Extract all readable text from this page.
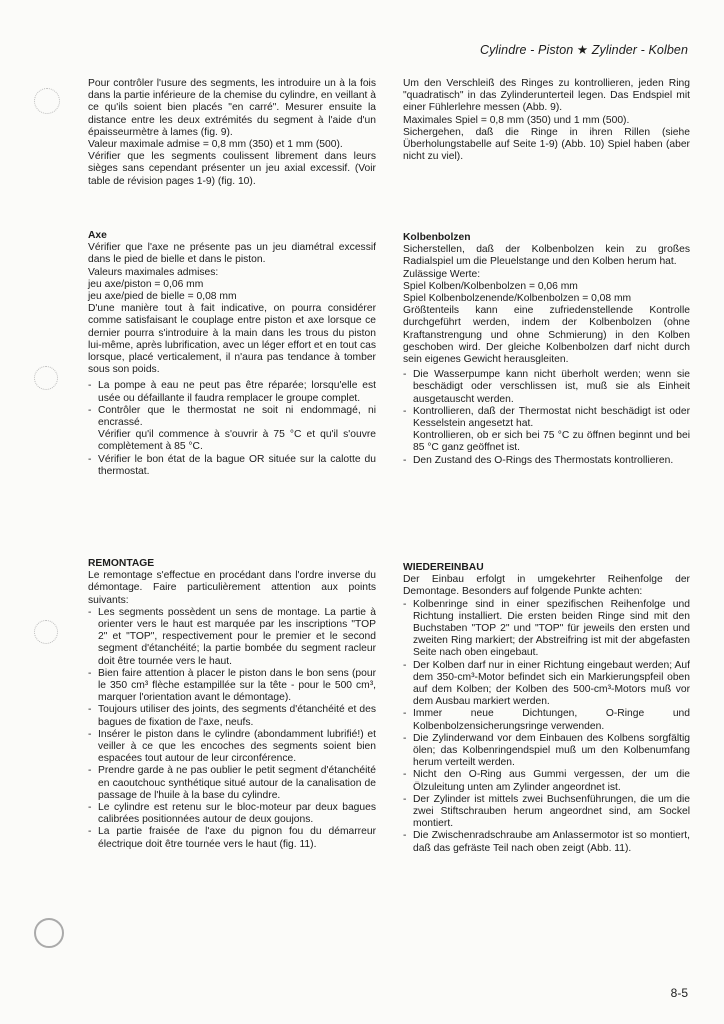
Cylindre - Piston ★ Zylinder - Kolben

Pour contrôler l'usure des segments, les introduire un à la fois dans la partie inférieure de la chemise du cylindre, en veillant à ce qu'ils soient bien placés "en carré". Mesurer ensuite la distance entre les deux extrémités du segment à l'aide d'un épaisseurmètre à lames (fig. 9).
Valeur maximale admise = 0,8 mm (350) et 1 mm (500).
Vérifier que les segments coulissent librement dans leurs sièges sans cependant présenter un jeu axial excessif. (Voir table de révision pages 1-9) (fig. 10).

Axe

Vérifier que l'axe ne présente pas un jeu diamétral excessif dans le pied de bielle et dans le piston.
Valeurs maximales admises:
jeu axe/piston = 0,06 mm
jeu axe/pied de bielle = 0,08 mm

D'une manière tout à fait indicative, on pourra considérer comme satisfaisant le couplage entre piston et axe lorsque ce dernier pourra s'introduire à la main dans les trous du piston lui-même, après lubrification, avec un léger effort et en tout cas lorsque, placé verticalement, il n'aura pas tendance à tomber sous son poids.

- La pompe à eau ne peut pas être réparée; lorsqu'elle est usée ou défaillante il faudra remplacer le groupe complet.
- Contrôler que le thermostat ne soit ni endommagé, ni encrassé.
Vérifier qu'il commence à s'ouvrir à 75 °C et qu'il s'ouvre complètement à 85 °C.
- Vérifier le bon état de la bague OR située sur la calotte du thermostat.

REMONTAGE

Le remontage s'effectue en procédant dans l'ordre inverse du démontage. Faire particulièrement attention aux points suivants:

- Les segments possèdent un sens de montage. La partie à orienter vers le haut est marquée par les inscriptions "TOP 2" et "TOP", respectivement pour le premier et le second segment d'étanchéité; la partie bombée du segment racleur doit être tournée vers le haut.
- Bien faire attention à placer le piston dans le bon sens (pour le 350 cm³ flèche estampillée sur la tête - pour le 500 cm³, marquer l'orientation avant le démontage).
- Toujours utiliser des joints, des segments d'étanchéité et des bagues de fixation de l'axe, neufs.
- Insérer le piston dans le cylindre (abondamment lubrifié!) et veiller à ce que les encoches des segments soient bien espacées tout autour de leur circonférence.
- Prendre garde à ne pas oublier le petit segment d'étanchéité en caoutchouc synthétique situé autour de la canalisation de passage de l'huile à la base du cylindre.
- Le cylindre est retenu sur le bloc-moteur par deux bagues calibrées positionnées autour de deux goujons.
- La partie fraisée de l'axe du pignon fou du démarreur électrique doit être tournée vers le haut (fig. 11).

Um den Verschleiß des Ringes zu kontrollieren, jeden Ring "quadratisch" in das Zylinderunterteil legen. Das Endspiel mit einer Fühlerlehre messen (Abb. 9).
Maximales Spiel = 0,8 mm (350) und 1 mm (500).
Sichergehen, daß die Ringe in ihren Rillen (siehe Überholungstabelle auf Seite 1-9) (Abb. 10) Spiel haben (aber nicht zu viel).

Kolbenbolzen

Sicherstellen, daß der Kolbenbolzen kein zu großes Radialspiel um die Pleuelstange und den Kolben herum hat.
Zulässige Werte:
Spiel Kolben/Kolbenbolzen = 0,06 mm
Spiel Kolbenbolzenende/Kolbenbolzen = 0,08 mm

Größtenteils kann eine zufriedenstellende Kontrolle durchgeführt werden, indem der Kolbenbolzen (ohne Kraftanstrengung und ohne Schmierung) in den Kolben geschoben wird. Der gleiche Kolbenbolzen darf nicht durch sein eigenes Gewicht herausgleiten.

- Die Wasserpumpe kann nicht überholt werden; wenn sie beschädigt oder verschlissen ist, muß sie als Einheit ausgetauscht werden.
- Kontrollieren, daß der Thermostat nicht beschädigt ist oder Kesselstein angesetzt hat.
Kontrollieren, ob er sich bei 75 °C zu öffnen beginnt und bei 85 °C ganz geöffnet ist.
- Den Zustand des O-Rings des Thermostats kontrollieren.

WIEDEREINBAU

Der Einbau erfolgt in umgekehrter Reihenfolge der Demontage. Besonders auf folgende Punkte achten:

- Kolbenringe sind in einer spezifischen Reihenfolge und Richtung installiert. Die ersten beiden Ringe sind mit den Buchstaben "TOP 2" und "TOP" für jeweils den ersten und zweiten Ring markiert; der Abstreifring ist mit der abgefasten Seite nach oben eingebaut.
- Der Kolben darf nur in einer Richtung eingebaut werden; Auf dem 350-cm³-Motor befindet sich ein Markierungspfeil oben auf dem Kolben; der Kolben des 500-cm³-Motors muß vor dem Ausbau markiert werden.
- Immer neue Dichtungen, O-Ringe und Kolbenbolzensicherungsringe verwenden.
- Die Zylinderwand vor dem Einbauen des Kolbens sorgfältig ölen; das Kolbenringendspiel muß um den Kolbenumfang herum verteilt werden.
- Nicht den O-Ring aus Gummi vergessen, der um die Ölzuleitung unten am Zylinder angeordnet ist.
- Der Zylinder ist mittels zwei Buchsenführungen, die um die zwei Stiftschrauben herum angeordnet sind, am Sockel montiert.
- Die Zwischenradschraube am Anlassermotor ist so montiert, daß das gefräste Teil nach oben zeigt (Abb. 11).
8-5
